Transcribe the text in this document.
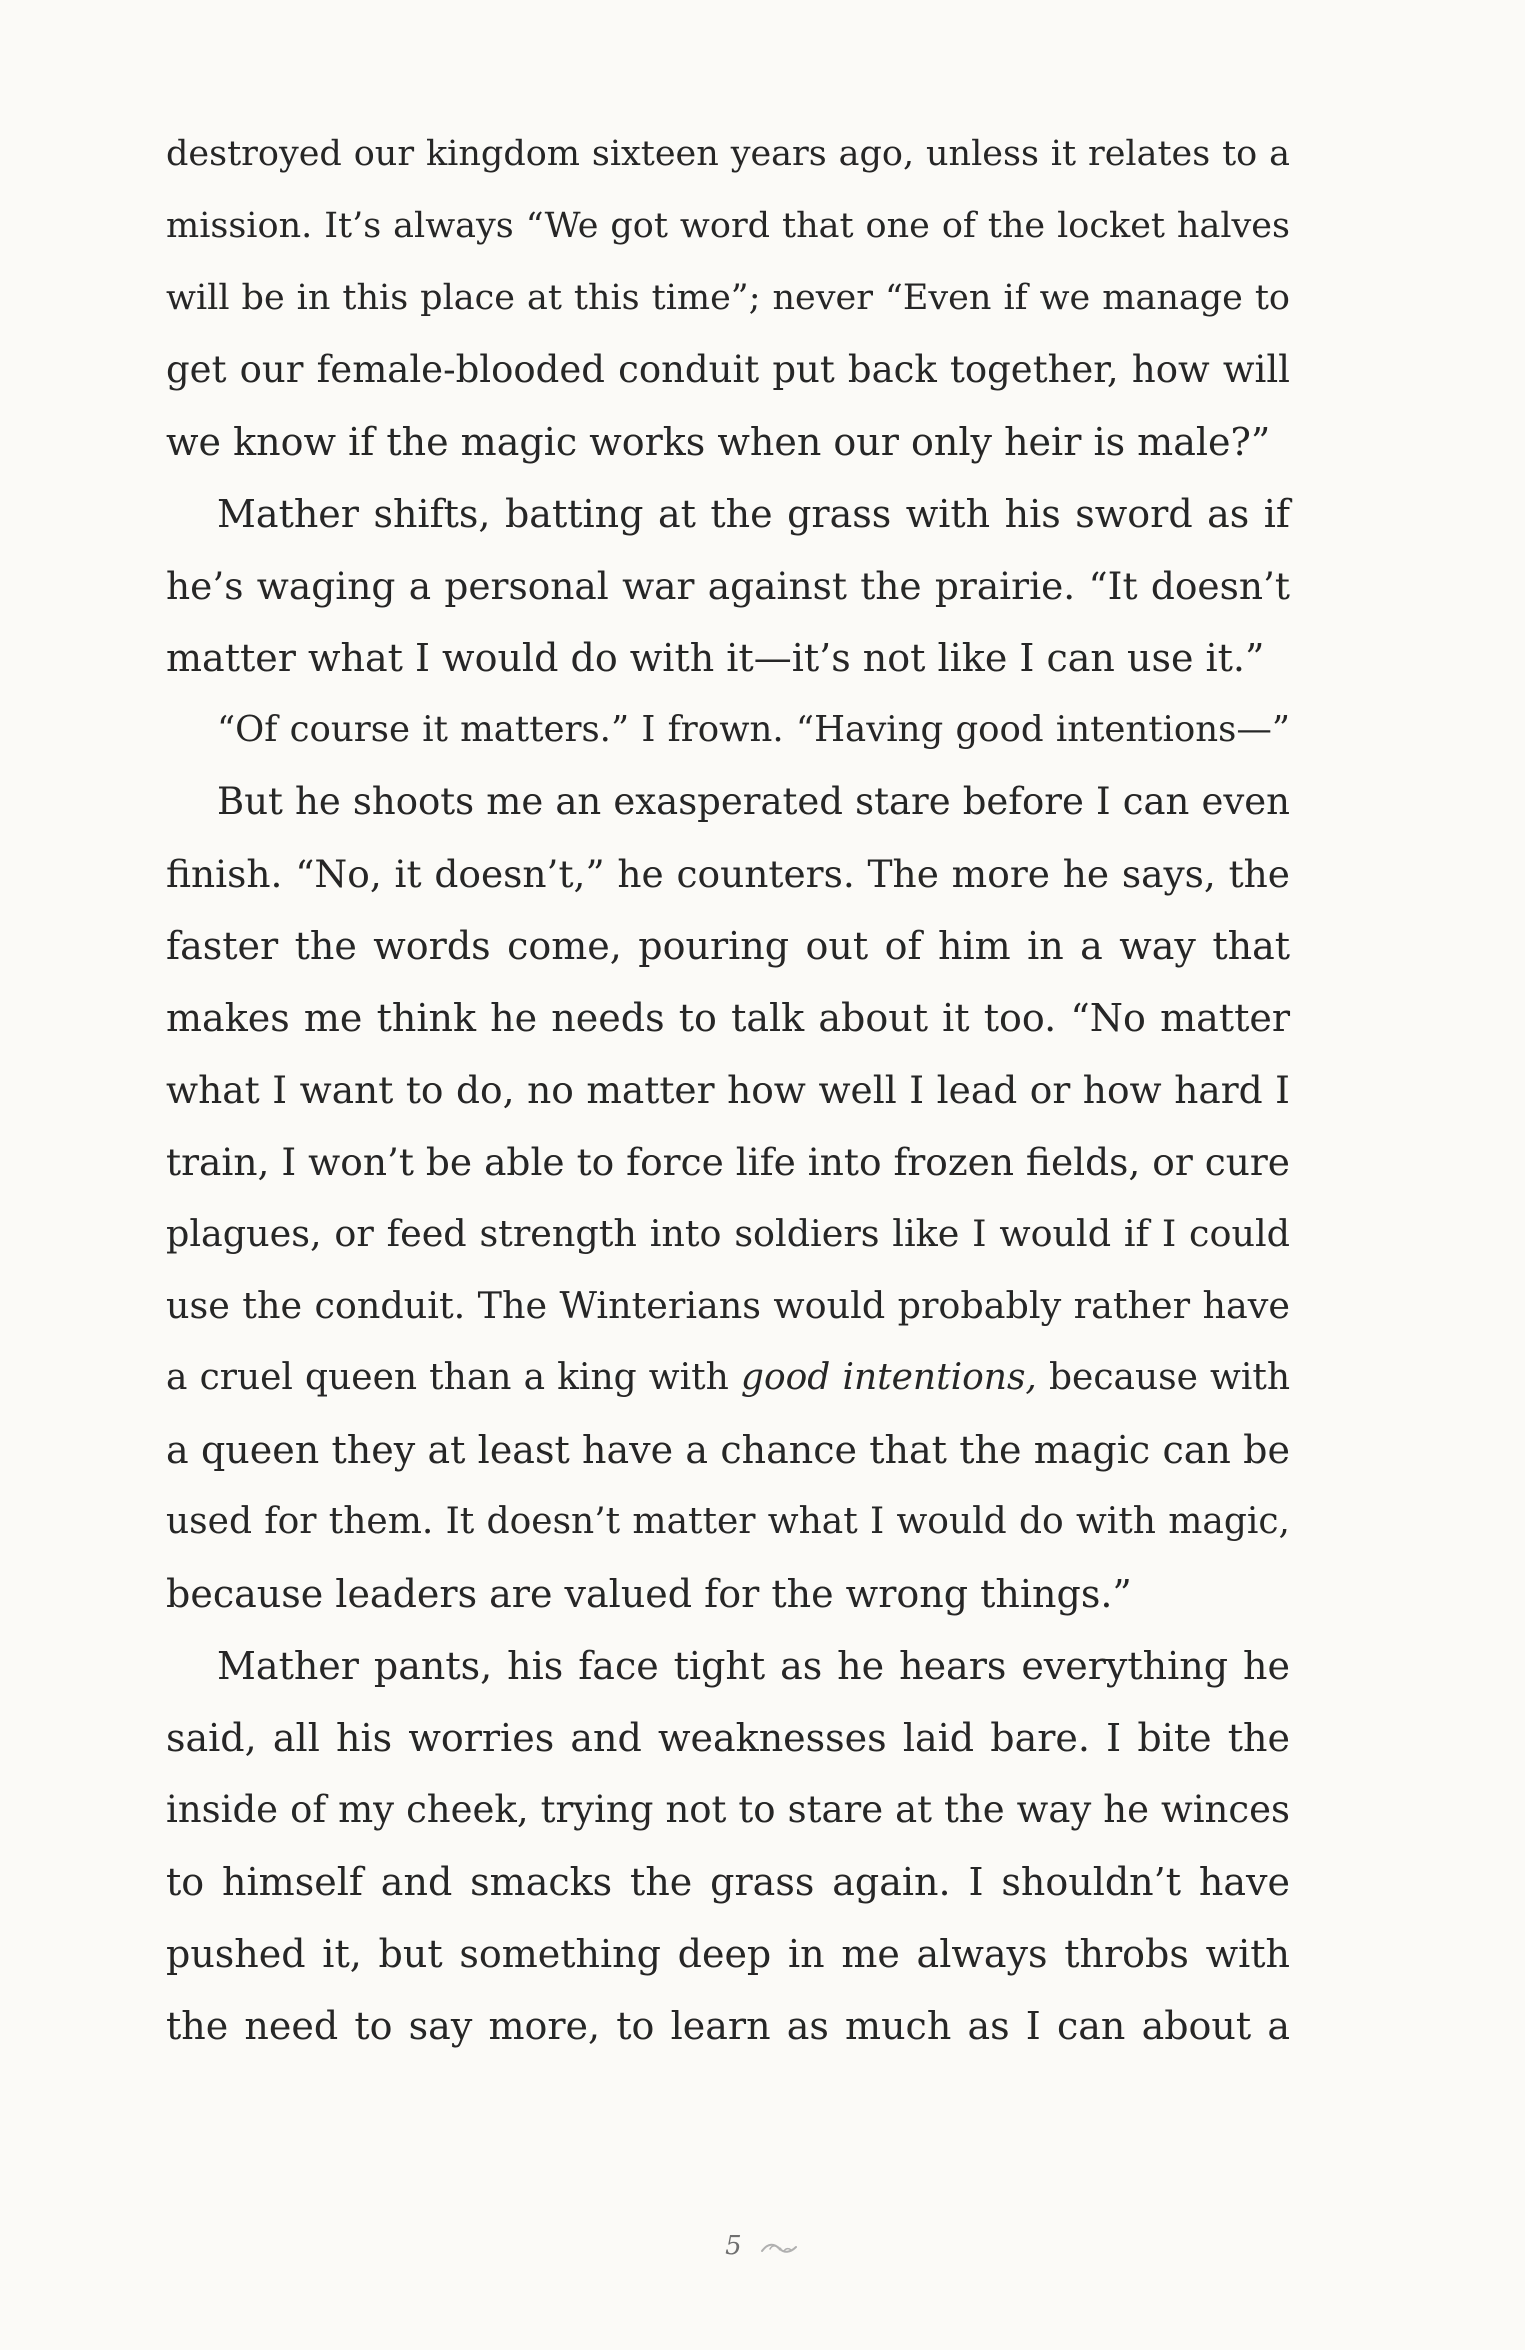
destroyed our kingdom sixteen years ago, unless it relates to a
mission. It’s always “We got word that one of the locket halves
will be in this place at this time”; never “Even if we manage to
get our female-blooded conduit put back together, how will
we know if the magic works when our only heir is male?”
Mather shifts, batting at the grass with his sword as if
he’s waging a personal war against the prairie. “It doesn’t
matter what I would do with it—it’s not like I can use it.”
“Of course it matters.” I frown. “Having good intentions—”
But he shoots me an exasperated stare before I can even
finish. “No, it doesn’t,” he counters. The more he says, the
faster the words come, pouring out of him in a way that
makes me think he needs to talk about it too. “No matter
what I want to do, no matter how well I lead or how hard I
train, I won’t be able to force life into frozen fields, or cure
plagues, or feed strength into soldiers like I would if I could
use the conduit. The Winterians would probably rather have
a cruel queen than a king with good intentions, because with
a queen they at least have a chance that the magic can be
used for them. It doesn’t matter what I would do with magic,
because leaders are valued for the wrong things.”
Mather pants, his face tight as he hears everything he
said, all his worries and weaknesses laid bare. I bite the
inside of my cheek, trying not to stare at the way he winces
to himself and smacks the grass again. I shouldn’t have
pushed it, but something deep in me always throbs with
the need to say more, to learn as much as I can about a
5
